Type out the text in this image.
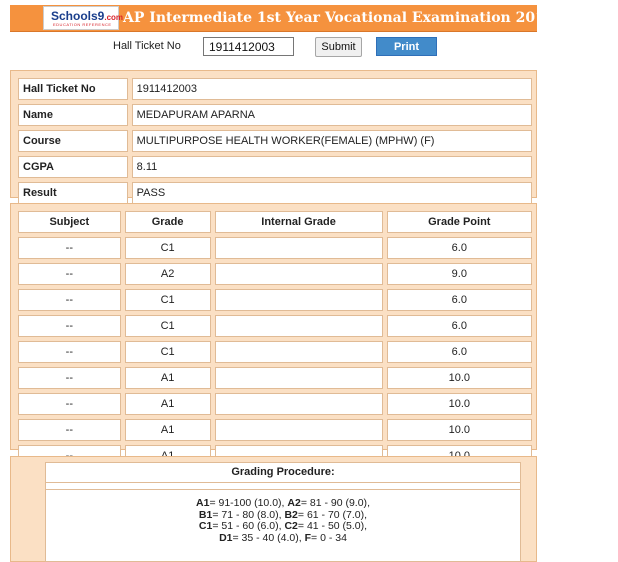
Schools9.com
EDUCATION REFERENCE AP Intermediate 1st Year Vocational Examination 2019 Results
Hall Ticket No
1911412003	Submit	Print
Hall Ticket No	1911412003
Name	MEDAPURAM APARNA
Course	MULTIPURPOSE HEALTH WORKER(FEMALE) (MPHW) (F)
CGPA	8.11
Result	PASS
Subject	Grade	Internal Grade	Grade Point
--	C1		6.0
--	A2		9.0
--	C1		6.0
--	C1		6.0
--	C1		6.0
--	A1		10.0
--	A1		10.0
--	A1		10.0

Grading Procedure:
A1= 91-100 (10.0), A2= 81 - 90 (9.0),
B1= 71 - 80 (8.0), B2= 61 - 70 (7.0),
C1= 51 - 60 (6.0), C2= 41 - 50 (5.0),
D1= 35 - 40 (4.0), F= 0 - 34
